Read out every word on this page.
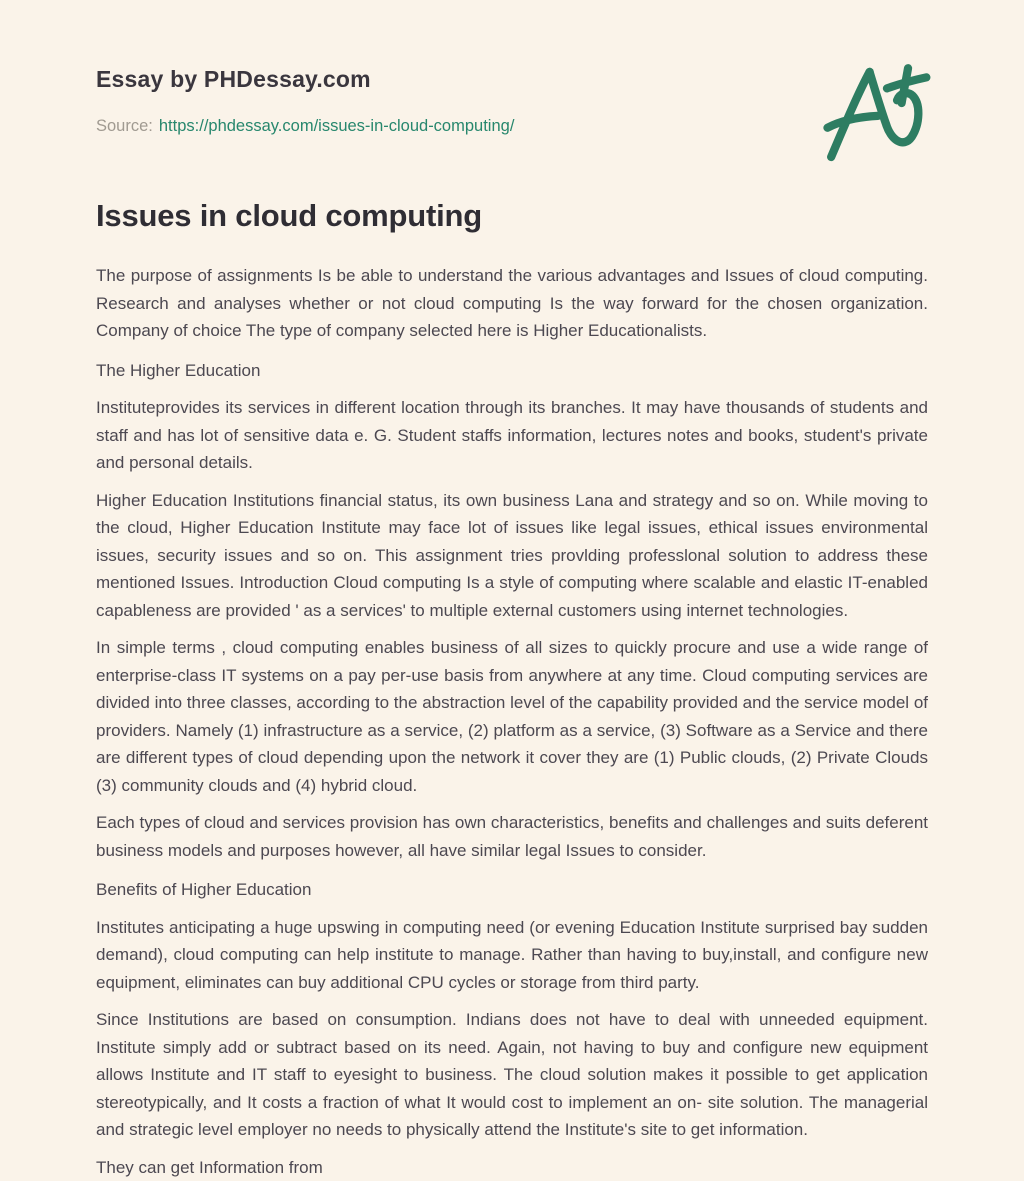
Essay by PHDessay.com
Source: https://phdessay.com/issues-in-cloud-computing/
Issues in cloud computing

The purpose of assignments Is be able to understand the various advantages and Issues of cloud computing. Research and analyses whether or not cloud computing Is the way forward for the chosen organization. Company of choice The type of company selected here is Higher Educationalists.

The Higher Education

Instituteprovides its services in different location through its branches. It may have thousands of students and staff and has lot of sensitive data e. G. Student staffs information, lectures notes and books, student's private and personal details.

Higher Education Institutions financial status, its own business Lana and strategy and so on. While moving to the cloud, Higher Education Institute may face lot of issues like legal issues, ethical issues environmental issues, security issues and so on. This assignment tries provlding professlonal solution to address these mentioned Issues. Introduction Cloud computing Is a style of computing where scalable and elastic IT-enabled capableness are provided ' as a services' to multiple external customers using internet technologies.

In simple terms , cloud computing enables business of all sizes to quickly procure and use a wide range of enterprise-class IT systems on a pay per-use basis from anywhere at any time. Cloud computing services are divided into three classes, according to the abstraction level of the capability provided and the service model of providers. Namely (1) infrastructure as a service, (2) platform as a service, (3) Software as a Service and there are different types of cloud depending upon the network it cover they are (1) Public clouds, (2) Private Clouds (3) community clouds and (4) hybrid cloud.

Each types of cloud and services provision has own characteristics, benefits and challenges and suits deferent business models and purposes however, all have similar legal Issues to consider.

Benefits of Higher Education

Institutes anticipating a huge upswing in computing need (or evening Education Institute surprised bay sudden demand), cloud computing can help institute to manage. Rather than having to buy,install, and configure new equipment, eliminates can buy additional CPU cycles or storage from third party.

Since Institutions are based on consumption. Indians does not have to deal with unneeded equipment. Institute simply add or subtract based on its need. Again, not having to buy and configure new equipment allows Institute and IT staff to eyesight to business. The cloud solution makes it possible to get application stereotypically, and It costs a fraction of what It would cost to implement an on- site solution. The managerial and strategic level employer no needs to physically attend the Institute's site to get information.

They can get Information from
